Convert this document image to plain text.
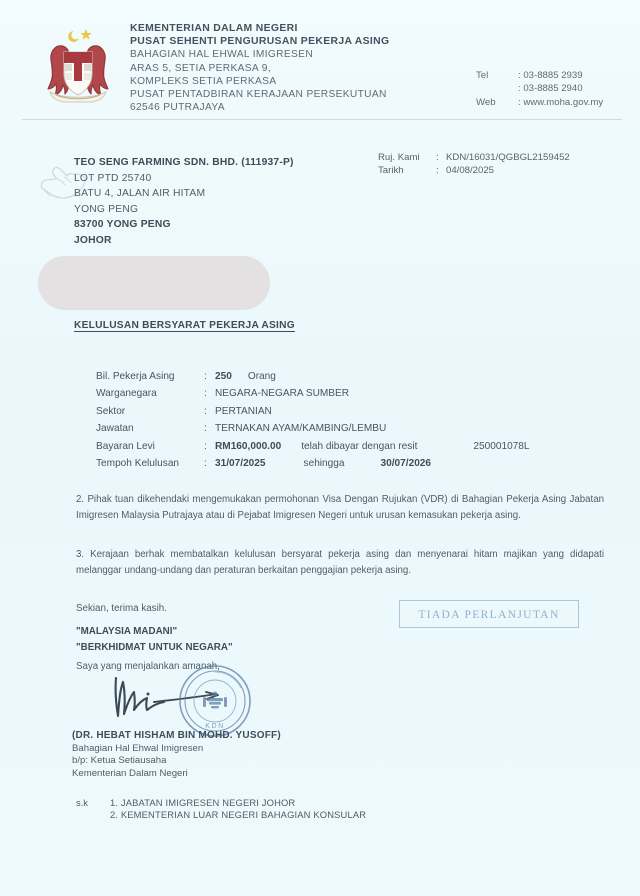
KEMENTERIAN DALAM NEGERI
PUSAT SEHENTI PENGURUSAN PEKERJA ASING
BAHAGIAN HAL EHWAL IMIGRESEN
ARAS 5, SETIA PERKASA 9,
KOMPLEKS SETIA PERKASA
PUSAT PENTADBIRAN KERAJAAN PERSEKUTUAN
62546 PUTRAJAYA
Tel	: 03-8885 2939
: 03-8885 2940
Web	: www.moha.gov.my
TEO SENG FARMING SDN. BHD. (111937-P)
LOT PTD 25740
BATU 4, JALAN AIR HITAM
YONG PENG
83700 YONG PENG
JOHOR
Ruj. Kami	: KDN/16031/QGBGL2159452
Tarikh	: 04/08/2025
KELULUSAN BERSYARAT PEKERJA ASING
Bil. Pekerja Asing	: 250 Orang
Warganegara	: NEGARA-NEGARA SUMBER
Sektor	: PERTANIAN
Jawatan	: TERNAKAN AYAM/KAMBING/LEMBU
Bayaran Levi	: RM160,000.00 telah dibayar dengan resit	250001078L
Tempoh Kelulusan	: 31/07/2025	sehingga	30/07/2026
2. Pihak tuan dikehendaki mengemukakan permohonan Visa Dengan Rujukan (VDR) di Bahagian Pekerja Asing Jabatan Imigresen Malaysia Putrajaya atau di Pejabat Imigresen Negeri untuk urusan kemasukan pekerja asing.
3. Kerajaan berhak membatalkan kelulusan bersyarat pekerja asing dan menyenarai hitam majikan yang didapati melanggar undang-undang dan peraturan berkaitan penggajian pekerja asing.
Sekian, terima kasih.
"MALAYSIA MADANI"
"BERKHIDMAT UNTUK NEGARA"
TIADA PERLANJUTAN
Saya yang menjalankan amanah,
KDN
(DR. HEBAT HISHAM BIN MOHD. YUSOFF)
Bahagian Hal Ehwal Imigresen
b/p: Ketua Setiausaha
Kementerian Dalam Negeri
s.k	1. JABATAN IMIGRESEN NEGERI JOHOR
2. KEMENTERIAN LUAR NEGERI BAHAGIAN KONSULAR
